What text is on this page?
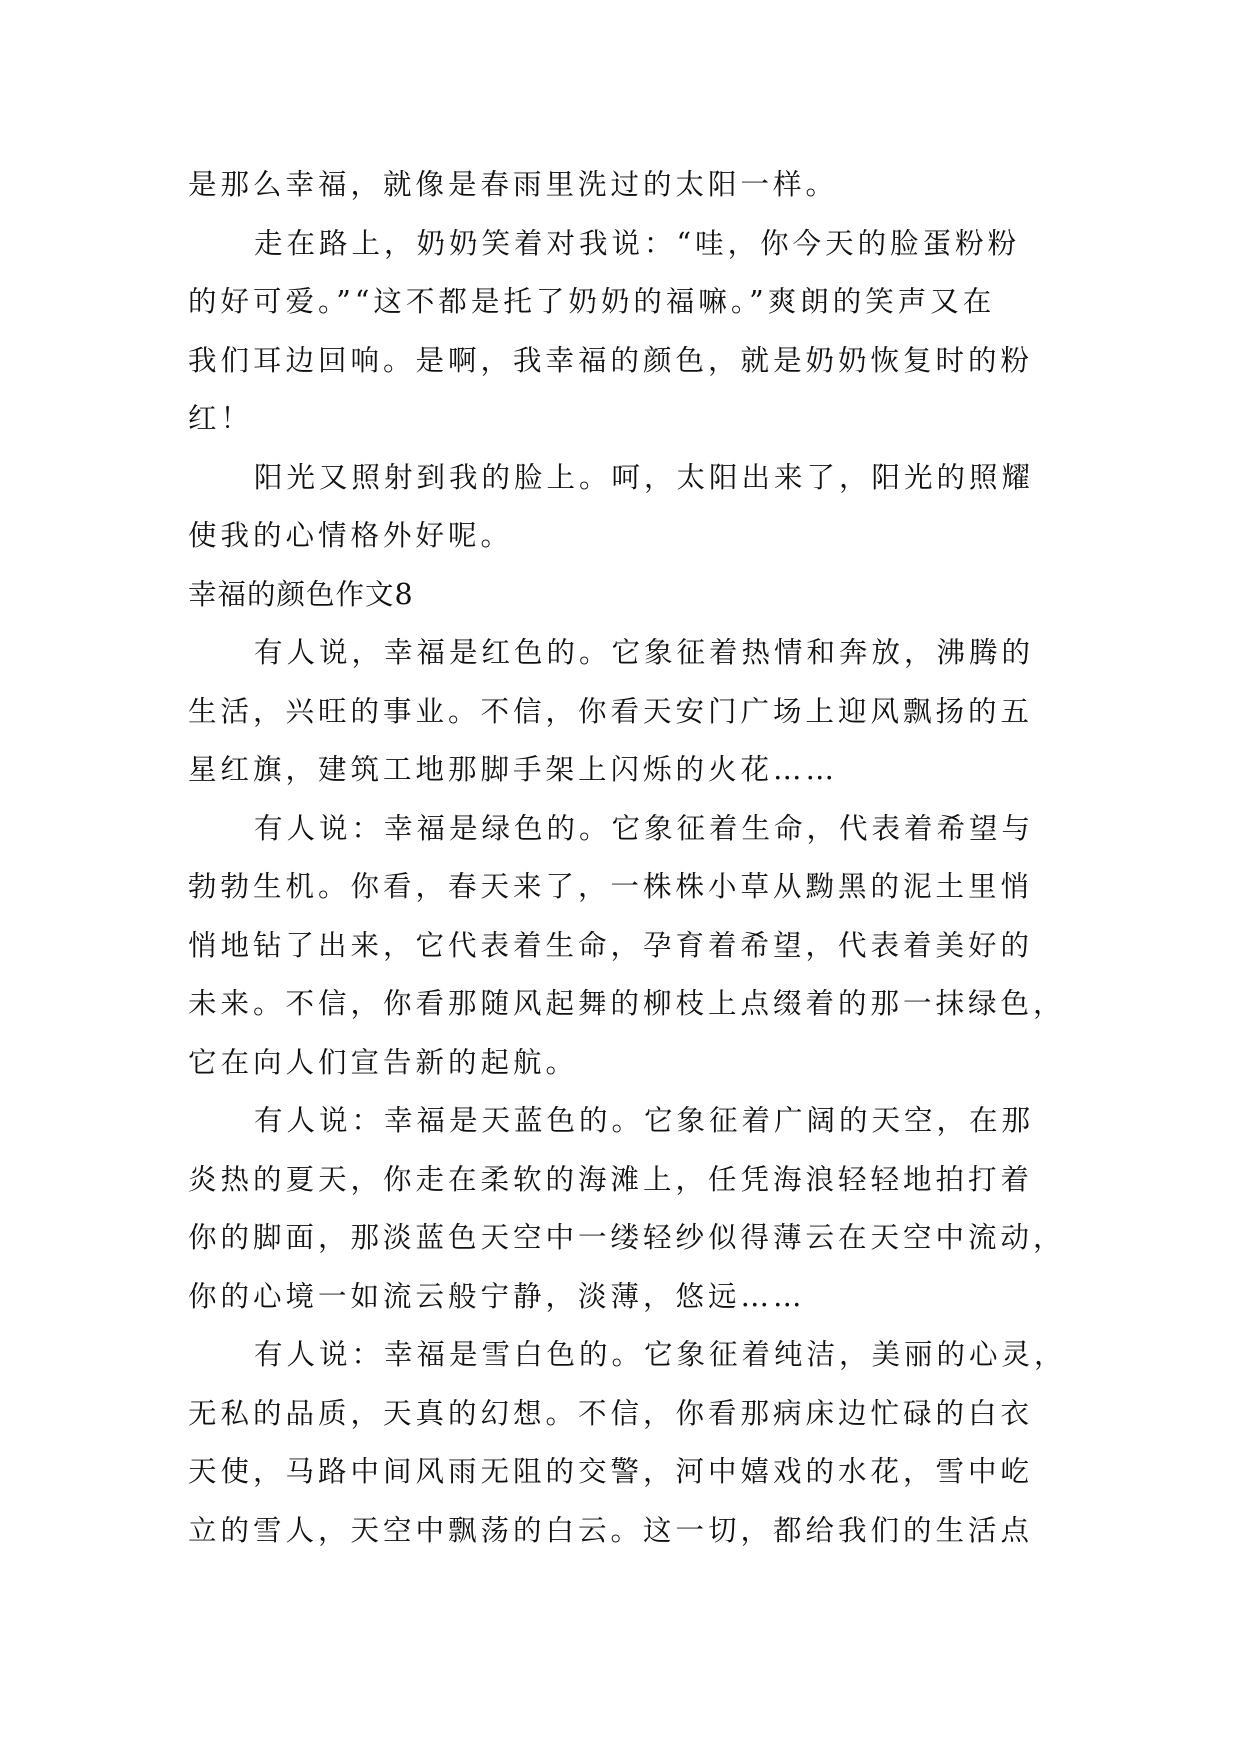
是那么幸福，就像是春雨里洗过的太阳一样。

走在路上，奶奶笑着对我说：“哇，你今天的脸蛋粉粉

的好可爱。”“这不都是托了奶奶的福嘛。”爽朗的笑声又在

我们耳边回响。是啊，我幸福的颜色，就是奶奶恢复时的粉

红！

阳光又照射到我的脸上。呵，太阳出来了，阳光的照耀

使我的心情格外好呢。

幸福的颜色作文8

有人说，幸福是红色的。它象征着热情和奔放，沸腾的

生活，兴旺的事业。不信，你看天安门广场上迎风飘扬的五

星红旗，建筑工地那脚手架上闪烁的火花……

有人说：幸福是绿色的。它象征着生命，代表着希望与

勃勃生机。你看，春天来了，一株株小草从黝黑的泥土里悄

悄地钻了出来，它代表着生命，孕育着希望，代表着美好的

未来。不信，你看那随风起舞的柳枝上点缀着的那一抹绿色，

它在向人们宣告新的起航。

有人说：幸福是天蓝色的。它象征着广阔的天空，在那

炎热的夏天，你走在柔软的海滩上，任凭海浪轻轻地拍打着

你的脚面，那淡蓝色天空中一缕轻纱似得薄云在天空中流动，

你的心境一如流云般宁静，淡薄，悠远……

有人说：幸福是雪白色的。它象征着纯洁，美丽的心灵，

无私的品质，天真的幻想。不信，你看那病床边忙碌的白衣

天使，马路中间风雨无阻的交警，河中嬉戏的水花，雪中屹

立的雪人，天空中飘荡的白云。这一切，都给我们的生活点
